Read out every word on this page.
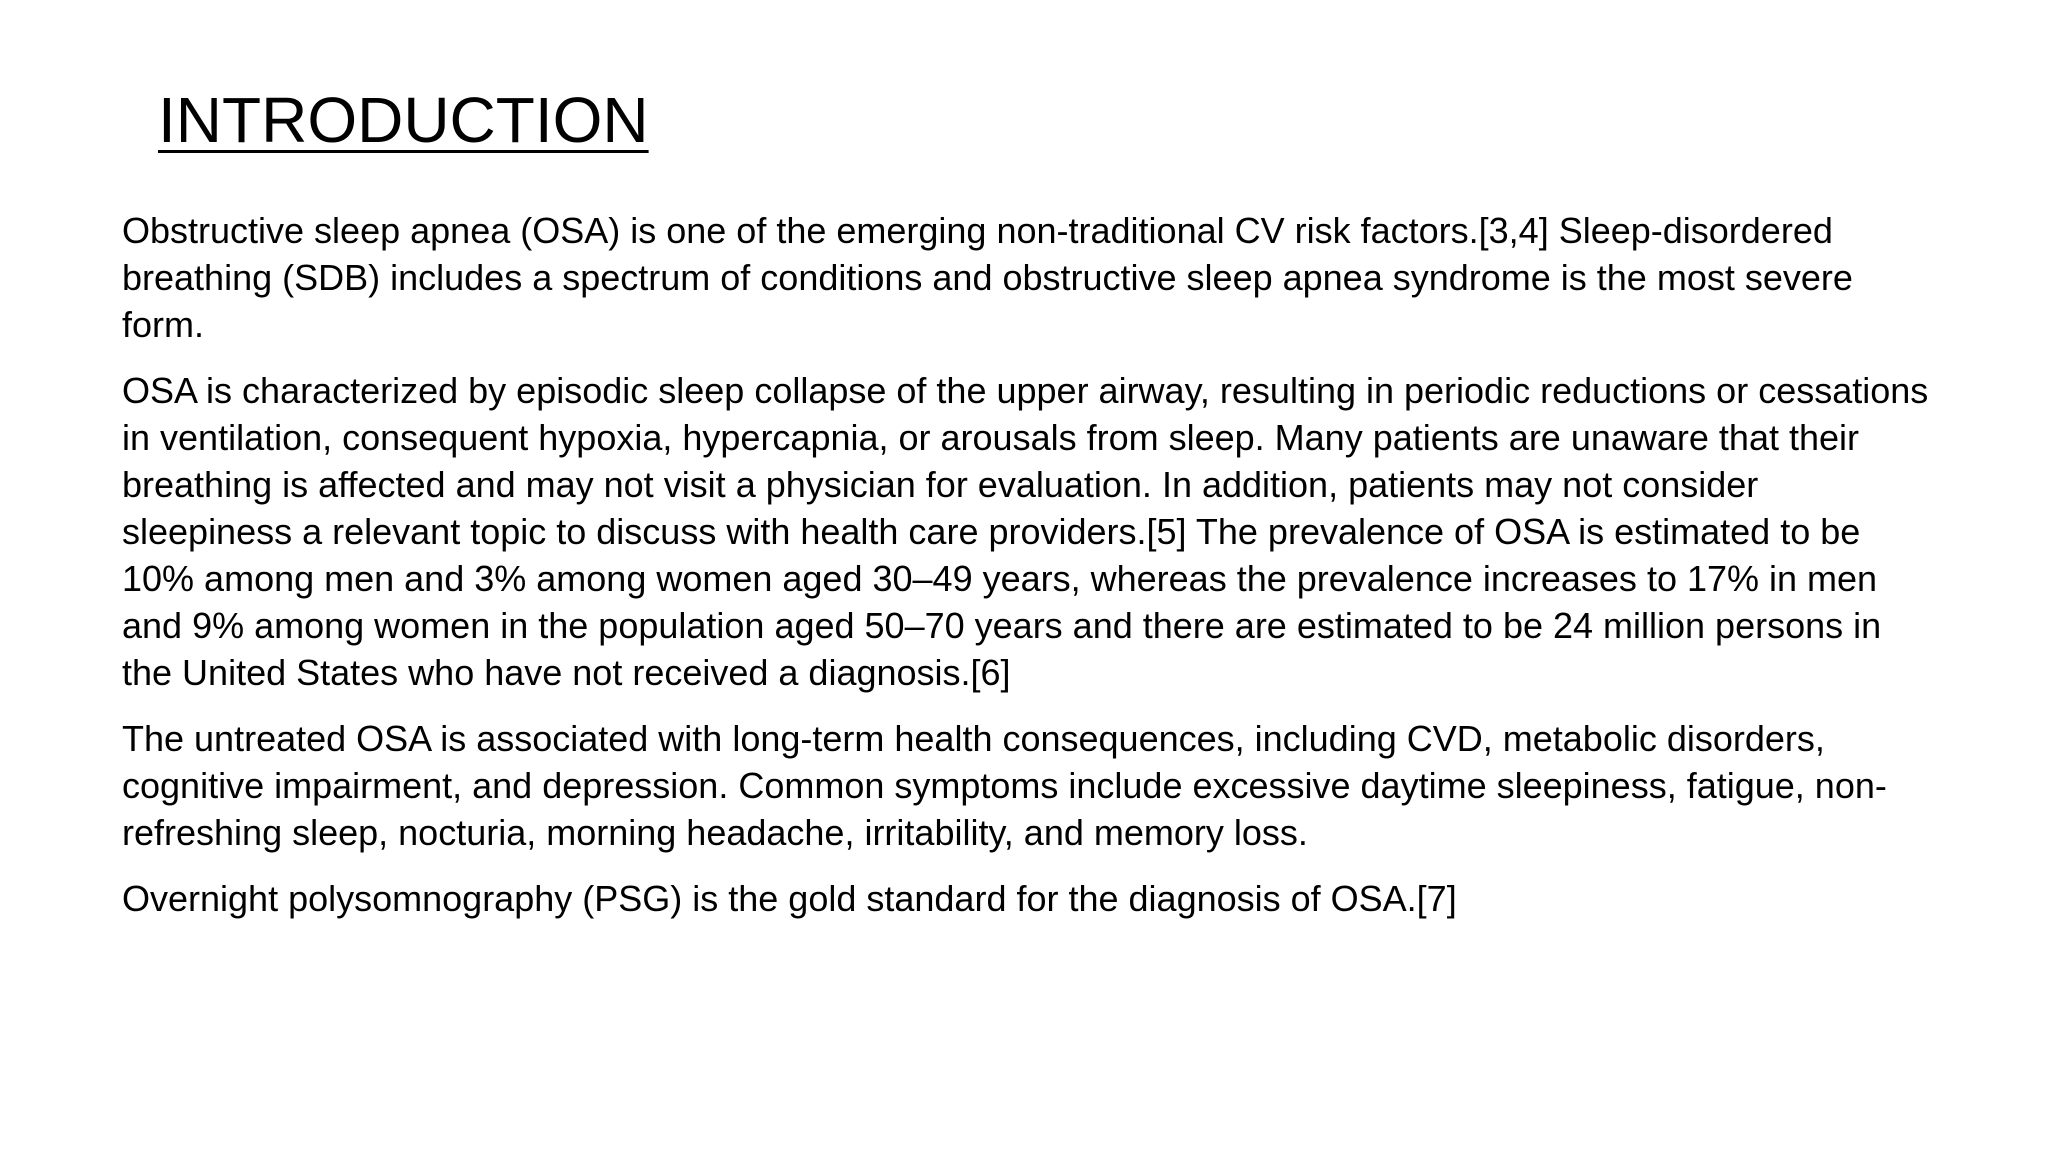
INTRODUCTION

Obstructive sleep apnea (OSA) is one of the emerging non-traditional CV risk factors.[3,4] Sleep-disordered breathing (SDB) includes a spectrum of conditions and obstructive sleep apnea syndrome is the most severe form.

OSA is characterized by episodic sleep collapse of the upper airway, resulting in periodic reductions or cessations in ventilation, consequent hypoxia, hypercapnia, or arousals from sleep. Many patients are unaware that their breathing is affected and may not visit a physician for evaluation. In addition, patients may not consider sleepiness a relevant topic to discuss with health care providers.[5] The prevalence of OSA is estimated to be 10% among men and 3% among women aged 30–49 years, whereas the prevalence increases to 17% in men and 9% among women in the population aged 50–70 years and there are estimated to be 24 million persons in the United States who have not received a diagnosis.[6]

The untreated OSA is associated with long-term health consequences, including CVD, metabolic disorders, cognitive impairment, and depression. Common symptoms include excessive daytime sleepiness, fatigue, non-refreshing sleep, nocturia, morning headache, irritability, and memory loss.

Overnight polysomnography (PSG) is the gold standard for the diagnosis of OSA.[7]
